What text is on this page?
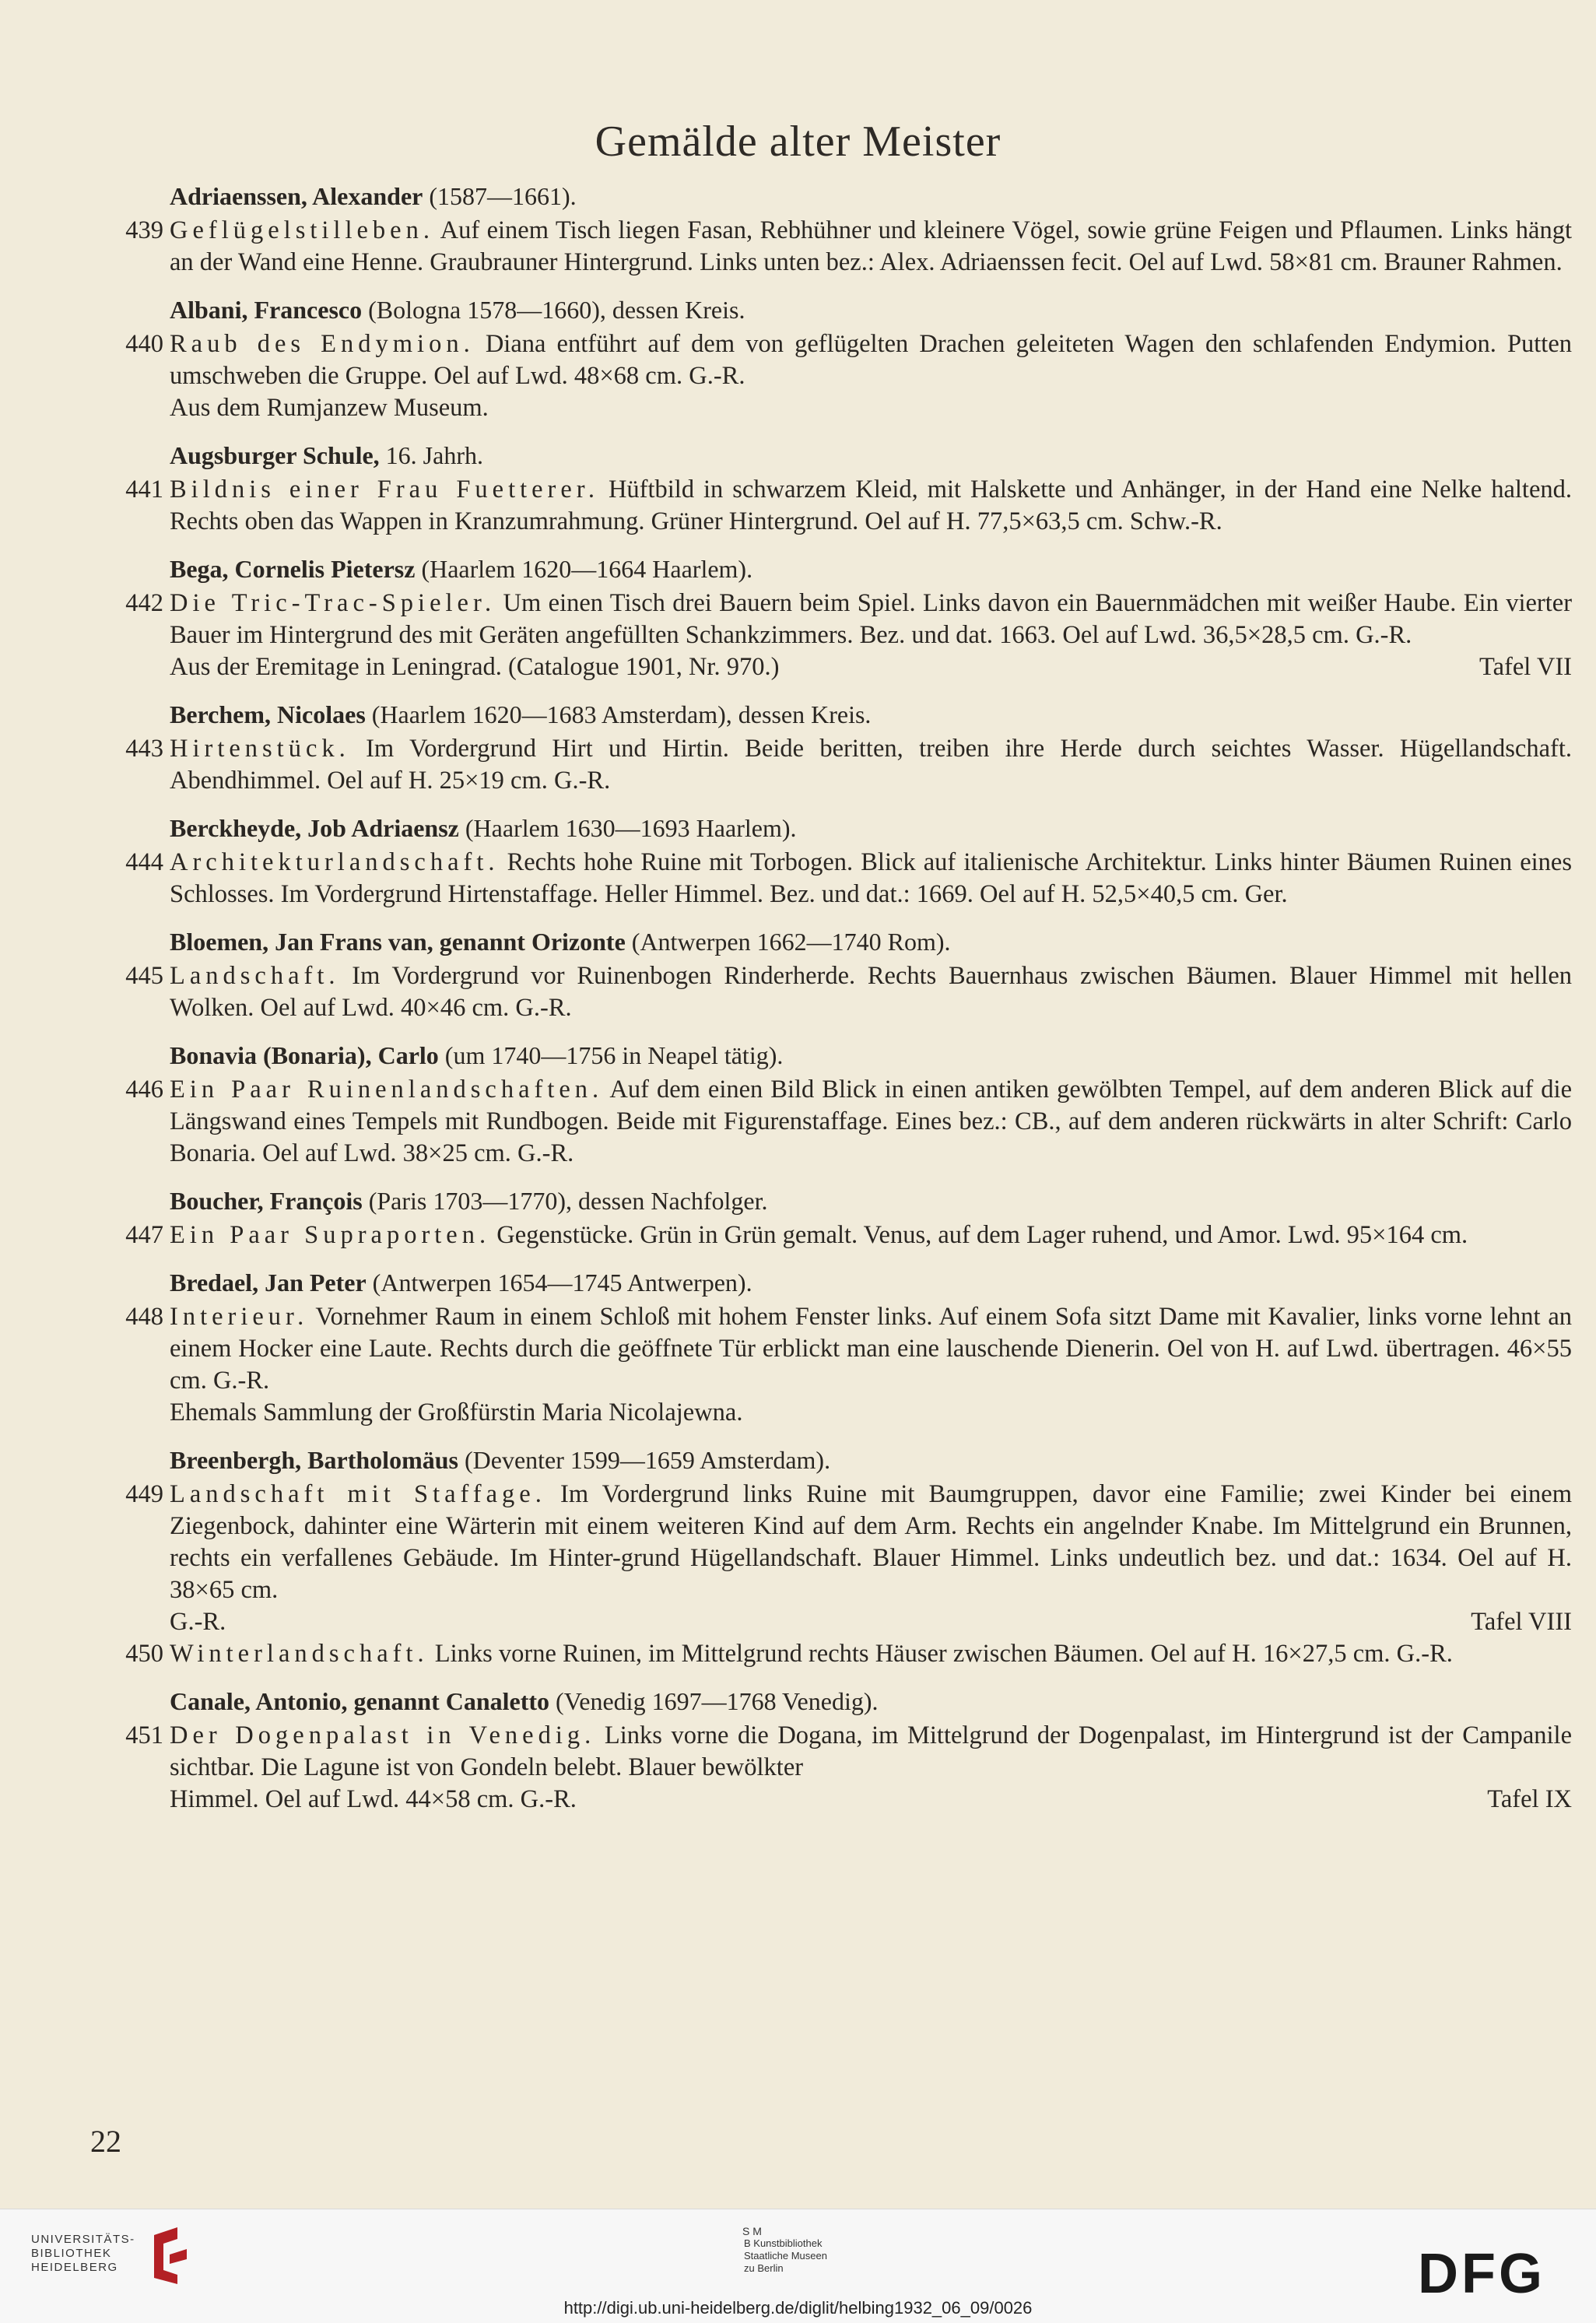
Gemälde alter Meister
Adriaenssen, Alexander (1587—1661).
439 Geflügelstilleben. Auf einem Tisch liegen Fasan, Rebhühner und kleinere Vögel, sowie grüne Feigen und Pflaumen. Links hängt an der Wand eine Henne. Graubrauner Hintergrund. Links unten bez.: Alex. Adriaenssen fecit. Oel auf Lwd. 58×81 cm. Brauner Rahmen.
Albani, Francesco (Bologna 1578—1660), dessen Kreis.
440 Raub des Endymion. Diana entführt auf dem von geflügelten Drachen geleiteten Wagen den schlafenden Endymion. Putten umschweben die Gruppe. Oel auf Lwd. 48×68 cm. G.-R.
Aus dem Rumjanzew Museum.
Augsburger Schule, 16. Jahrh.
441 Bildnis einer Frau Fuetterer. Hüftbild in schwarzem Kleid, mit Halskette und Anhänger, in der Hand eine Nelke haltend. Rechts oben das Wappen in Kranzumrahmung. Grüner Hintergrund. Oel auf H. 77,5×63,5 cm. Schw.-R.
Bega, Cornelis Pietersz (Haarlem 1620—1664 Haarlem).
442 Die Tric-Trac-Spieler. Um einen Tisch drei Bauern beim Spiel. Links davon ein Bauernmädchen mit weißer Haube. Ein vierter Bauer im Hintergrund des mit Geräten angefüllten Schankzimmers. Bez. und dat. 1663. Oel auf Lwd. 36,5×28,5 cm. G.-R.
Aus der Eremitage in Leningrad. (Catalogue 1901, Nr. 970.)	Tafel VII
Berchem, Nicolaes (Haarlem 1620—1683 Amsterdam), dessen Kreis.
443 Hirtenstück. Im Vordergrund Hirt und Hirtin. Beide beritten, treiben ihre Herde durch seichtes Wasser. Hügellandschaft. Abendhimmel. Oel auf H. 25×19 cm. G.-R.
Berckheyde, Job Adriaensz (Haarlem 1630—1693 Haarlem).
444 Architekturlandschaft. Rechts hohe Ruine mit Torbogen. Blick auf italienische Architektur. Links hinter Bäumen Ruinen eines Schlosses. Im Vordergrund Hirtenstaffage. Heller Himmel. Bez. und dat.: 1669. Oel auf H. 52,5×40,5 cm. Ger.
Bloemen, Jan Frans van, genannt Orizonte (Antwerpen 1662—1740 Rom).
445 Landschaft. Im Vordergrund vor Ruinenbogen Rinderherde. Rechts Bauernhaus zwischen Bäumen. Blauer Himmel mit hellen Wolken. Oel auf Lwd. 40×46 cm. G.-R.
Bonavia (Bonaria), Carlo (um 1740—1756 in Neapel tätig).
446 Ein Paar Ruinenlandschaften. Auf dem einen Bild Blick in einen antiken gewölbten Tempel, auf dem anderen Blick auf die Längswand eines Tempels mit Rundbogen. Beide mit Figurenstaffage. Eines bez.: CB., auf dem anderen rückwärts in alter Schrift: Carlo Bonaria. Oel auf Lwd. 38×25 cm. G.-R.
Boucher, François (Paris 1703—1770), dessen Nachfolger.
447 Ein Paar Supraporten. Gegenstücke. Grün in Grün gemalt. Venus, auf dem Lager ruhend, und Amor. Lwd. 95×164 cm.
Bredael, Jan Peter (Antwerpen 1654—1745 Antwerpen).
448 Interieur. Vornehmer Raum in einem Schloß mit hohem Fenster links. Auf einem Sofa sitzt Dame mit Kavalier, links vorne lehnt an einem Hocker eine Laute. Rechts durch die geöffnete Tür erblickt man eine lauschende Dienerin. Oel von H. auf Lwd. übertragen. 46×55 cm. G.-R.
Ehemals Sammlung der Großfürstin Maria Nicolajewna.
Breenbergh, Bartholomäus (Deventer 1599—1659 Amsterdam).
449 Landschaft mit Staffage. Im Vordergrund links Ruine mit Baumgruppen, davor eine Familie; zwei Kinder bei einem Ziegenbock, dahinter eine Wärterin mit einem weiteren Kind auf dem Arm. Rechts ein angelnder Knabe. Im Mittelgrund ein Brunnen, rechts ein verfallenes Gebäude. Im Hinter-grund Hügellandschaft. Blauer Himmel. Links undeutlich bez. und dat.: 1634. Oel auf H. 38×65 cm.
G.-R.	Tafel VIII
450 Winterlandschaft. Links vorne Ruinen, im Mittelgrund rechts Häuser zwischen Bäumen. Oel auf H. 16×27,5 cm. G.-R.
Canale, Antonio, genannt Canaletto (Venedig 1697—1768 Venedig).
451 Der Dogenpalast in Venedig. Links vorne die Dogana, im Mittelgrund der Dogenpalast, im Hintergrund ist der Campanile sichtbar. Die Lagune ist von Gondeln belebt. Blauer bewölkter
Himmel. Oel auf Lwd. 44×58 cm. G.-R.	Tafel IX
22
UNIVERSITÄTS-
BIBLIOTHEK
HEIDELBERG
S M
B Kunstbibliothek
Staatliche Museen
zu Berlin	DFG
http://digi.ub.uni-heidelberg.de/diglit/helbing1932_06_09/0026
